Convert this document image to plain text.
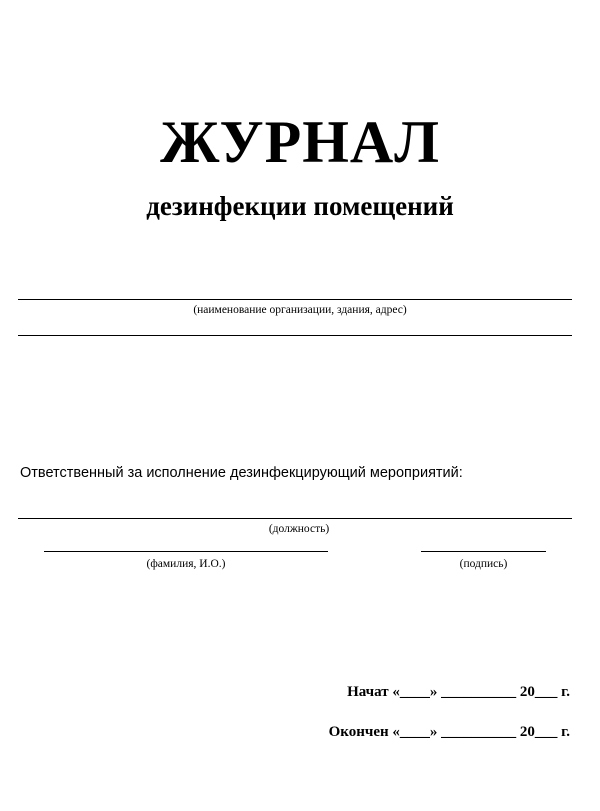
ЖУРНАЛ
дезинфекции помещений
(наименование организации, здания, адрес)
Ответственный за исполнение дезинфекцирующий мероприятий:
(должность)
(фамилия, И.О.)	(подпись)
Начат «____» __________ 20___ г.
Окончен «____» __________ 20___ г.
